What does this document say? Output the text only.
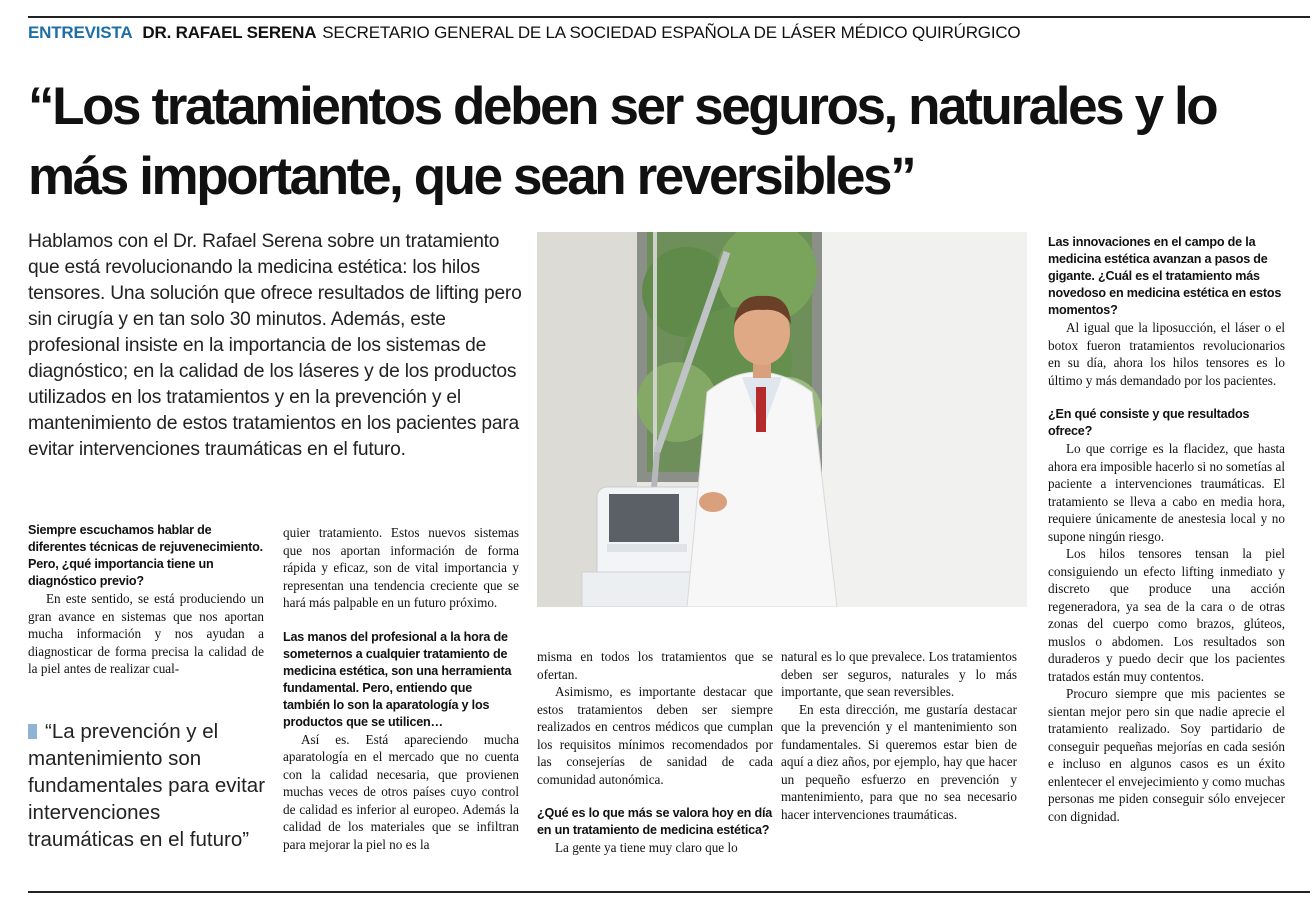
ENTREVISTA DR. RAFAEL SERENA SECRETARIO GENERAL DE LA SOCIEDAD ESPAÑOLA DE LÁSER MÉDICO QUIRÚRGICO
“Los tratamientos deben ser seguros, naturales y lo más importante, que sean reversibles”
Hablamos con el Dr. Rafael Serena sobre un tratamiento que está revolucionando la medicina estética: los hilos tensores. Una solución que ofrece resultados de lifting pero sin cirugía y en tan solo 30 minutos. Además, este profesional insiste en la importancia de los sistemas de diagnóstico; en la calidad de los láseres y de los productos utilizados en los tratamientos y en la prevención y el mantenimiento de estos tratamientos en los pacientes para evitar intervenciones traumáticas en el futuro.

Siempre escuchamos hablar de diferentes técnicas de rejuvenecimiento. Pero, ¿qué importancia tiene un diagnóstico previo?

En este sentido, se está produciendo un gran avance en sistemas que nos aportan mucha información y nos ayudan a diagnosticar de forma precisa la calidad de la piel antes de realizar cual-

“La prevención y el mantenimiento son fundamentales para evitar intervenciones traumáticas en el futuro”

quier tratamiento. Estos nuevos sistemas que nos aportan información de forma rápida y eficaz, son de vital importancia y representan una tendencia creciente que se hará más palpable en un futuro próximo.

Las manos del profesional a la hora de someternos a cualquier tratamiento de medicina estética, son una herramienta fundamental. Pero, entiendo que también lo son la aparatología y los productos que se utilicen…

Así es. Está apareciendo mucha aparatología en el mercado que no cuenta con la calidad necesaria, que provienen muchas veces de otros países cuyo control de calidad es inferior al europeo. Además la calidad de los materiales que se infiltran para mejorar la piel no es la

misma en todos los tratamientos que se ofertan.

Asimismo, es importante destacar que estos tratamientos deben ser siempre realizados en centros médicos que cumplan los requisitos mínimos recomendados por las consejerías de sanidad de cada comunidad autonómica.

¿Qué es lo que más se valora hoy en día en un tratamiento de medicina estética?

La gente ya tiene muy claro que lo

natural es lo que prevalece. Los tratamientos deben ser seguros, naturales y lo más importante, que sean reversibles.

En esta dirección, me gustaría destacar que la prevención y el mantenimiento son fundamentales. Si queremos estar bien de aquí a diez años, por ejemplo, hay que hacer un pequeño esfuerzo en prevención y mantenimiento, para que no sea necesario hacer intervenciones traumáticas.

Las innovaciones en el campo de la medicina estética avanzan a pasos de gigante. ¿Cuál es el tratamiento más novedoso en medicina estética en estos momentos?

Al igual que la liposucción, el láser o el botox fueron tratamientos revolucionarios en su día, ahora los hilos tensores es lo último y más demandado por los pacientes.

¿En qué consiste y que resultados ofrece?

Lo que corrige es la flacidez, que hasta ahora era imposible hacerlo si no sometías al paciente a intervenciones traumáticas. El tratamiento se lleva a cabo en media hora, requiere únicamente de anestesia local y no supone ningún riesgo.

Los hilos tensores tensan la piel consiguiendo un efecto lifting inmediato y discreto que produce una acción regeneradora, ya sea de la cara o de otras zonas del cuerpo como brazos, glúteos, muslos o abdomen. Los resultados son duraderos y puedo decir que los pacientes tratados están muy contentos.

Procuro siempre que mis pacientes se sientan mejor pero sin que nadie aprecie el tratamiento realizado. Soy partidario de conseguir pequeñas mejorías en cada sesión e incluso en algunos casos es un éxito enlentecer el envejecimiento y como muchas personas me piden conseguir sólo envejecer con dignidad.
